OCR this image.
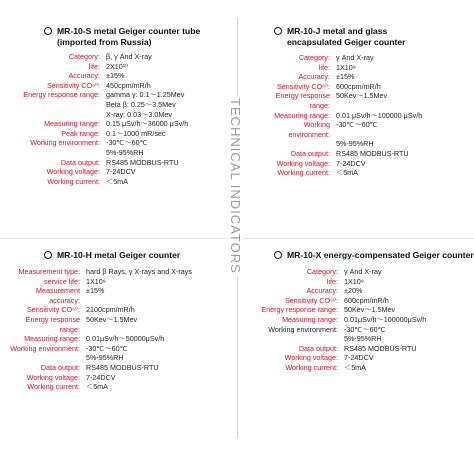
MR-10-S metal Geiger counter tube
(imported from Russia)
Category: β, γ And X-ray
life: 2X10¹⁰
Accuracy: ±15%
Sensitivity CO⁶⁰: 450cpm/mR/h
Energy response range: gamma γ: 0.1～1.25Mev
Beta β: 0.25～3.5Mev
X-ray: 0.03～3.0Mev
Measuring range: 0.15 μSv/h～36000 μSv/h
Peak range: 0.1～1000 mR/sec
Working environment: -30℃～60℃
5%-95%RH
Data output: RS485 MODBUS-RTU
Working voltage: 7-24DCV
Working current: ＜5mA
MR-10-J metal and glass
encapsulated Geiger counter
Category: γ And X-ray
life: 1X10⁹
Accuracy: ±15%
Sensitivity CO⁶⁰: 600cpm/mR/h
Energy response range:
50Kev～1.5Mev
Measuring range: 0.01 μSv/h～100000 μSv/h
Working environment:
-30℃～60℃
5%-95%RH
Data output: RS485 MODBUS-RTU
Working voltage: 7-24DCV
Working current: ＜5mA
MR-10-H metal Geiger counter
Measurement type: hard β Rays, γ X-rays and X-rays
service life: 1X10⁹
Measurement accuracy:
±15%
Sensitivity CO⁶⁰: 2100cpm/mR/h
Energy response range:
50Kev～1.5Mev
Measuring range: 0.01μSv/h～50000μSv/h
Working environment: -30℃～60℃
5%-95%RH
Data output: RS485 MODBUS-RTU
Working voltage: 7-24DCV
Working current: ＜5mA
MR-10-X energy-compensated Geiger counter
Category: γ And X-ray
life: 1X10⁹
Accuracy: ±20%
Sensitivity CO⁶⁰: 600cpm/mR/h
Energy response range: 50Kev～1.5Mev
Measuring range: 0.01μSv/h～100000μSv/h
Working environment: -30℃～60℃
5%-95%RH
Data output: RS485 MODBUS-RTU
Working voltage: 7-24DCV
Working current: ＜5mA
TECHNICAL INDICATORS
